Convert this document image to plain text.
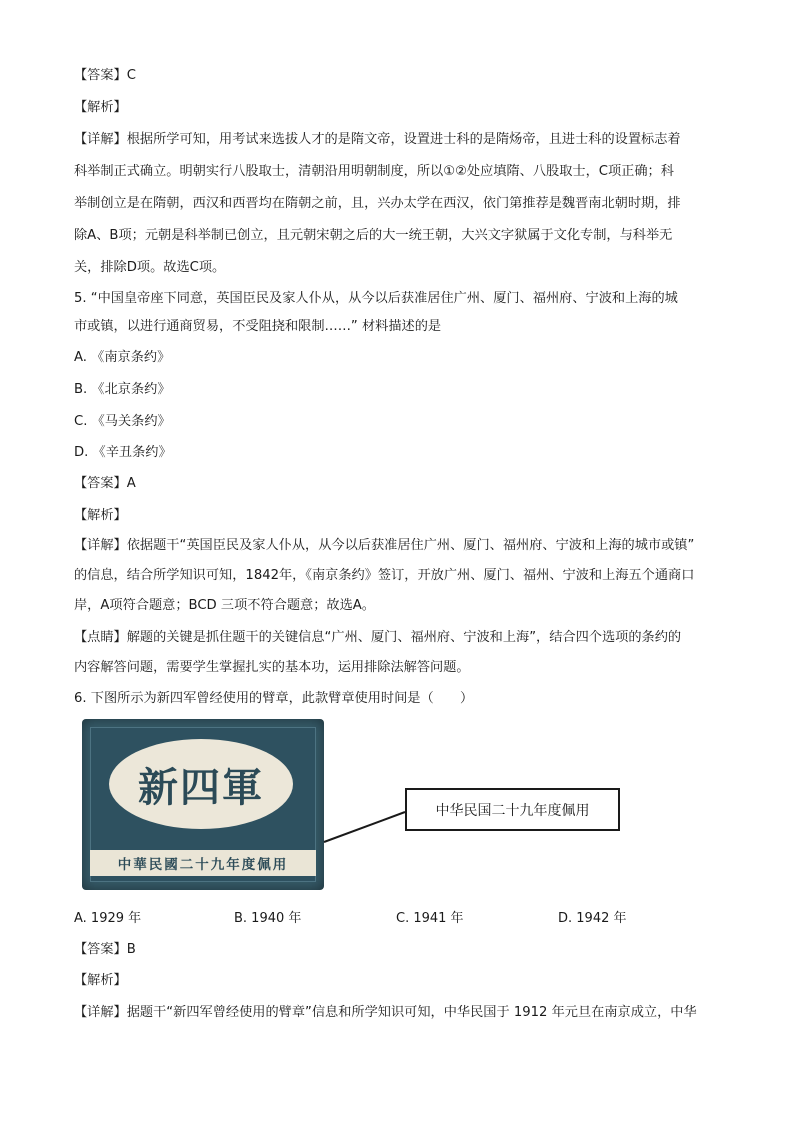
【答案】C
【解析】
【详解】根据所学可知，用考试来选拔人才的是隋文帝，设置进士科的是隋炀帝，且进士科的设置标志着
科举制正式确立。明朝实行八股取士，清朝沿用明朝制度，所以①②处应填隋、八股取士，C项正确；科
举制创立是在隋朝，西汉和西晋均在隋朝之前，且，兴办太学在西汉，依门第推荐是魏晋南北朝时期，排
除A、B项；元朝是科举制已创立，且元朝宋朝之后的大一统王朝，大兴文字狱属于文化专制，与科举无
关，排除D项。故选C项。
5. “中国皇帝座下同意，英国臣民及家人仆从，从今以后获准居住广州、厦门、福州府、宁波和上海的城
市或镇，以进行通商贸易，不受阻挠和限制……” 材料描述的是
A. 《南京条约》
B. 《北京条约》
C. 《马关条约》
D. 《辛丑条约》
【答案】A
【解析】
【详解】依据题干“英国臣民及家人仆从，从今以后获准居住广州、厦门、福州府、宁波和上海的城市或镇”
的信息，结合所学知识可知，1842年，《南京条约》签订，开放广州、厦门、福州、宁波和上海五个通商口
岸，A项符合题意；BCD 三项不符合题意；故选A。
【点睛】解题的关键是抓住题干的关键信息“广州、厦门、福州府、宁波和上海”，结合四个选项的条约的
内容解答问题，需要学生掌握扎实的基本功，运用排除法解答问题。
6. 下图所示为新四军曾经使用的臂章，此款臂章使用时间是（　　）
新四軍
中華民國二十九年度佩用
中华民国二十九年度佩用
A. 1929 年	B. 1940 年	C. 1941 年	D. 1942 年
【答案】B
【解析】
【详解】据题干“新四军曾经使用的臂章”信息和所学知识可知，中华民国于 1912 年元旦在南京成立，中华
